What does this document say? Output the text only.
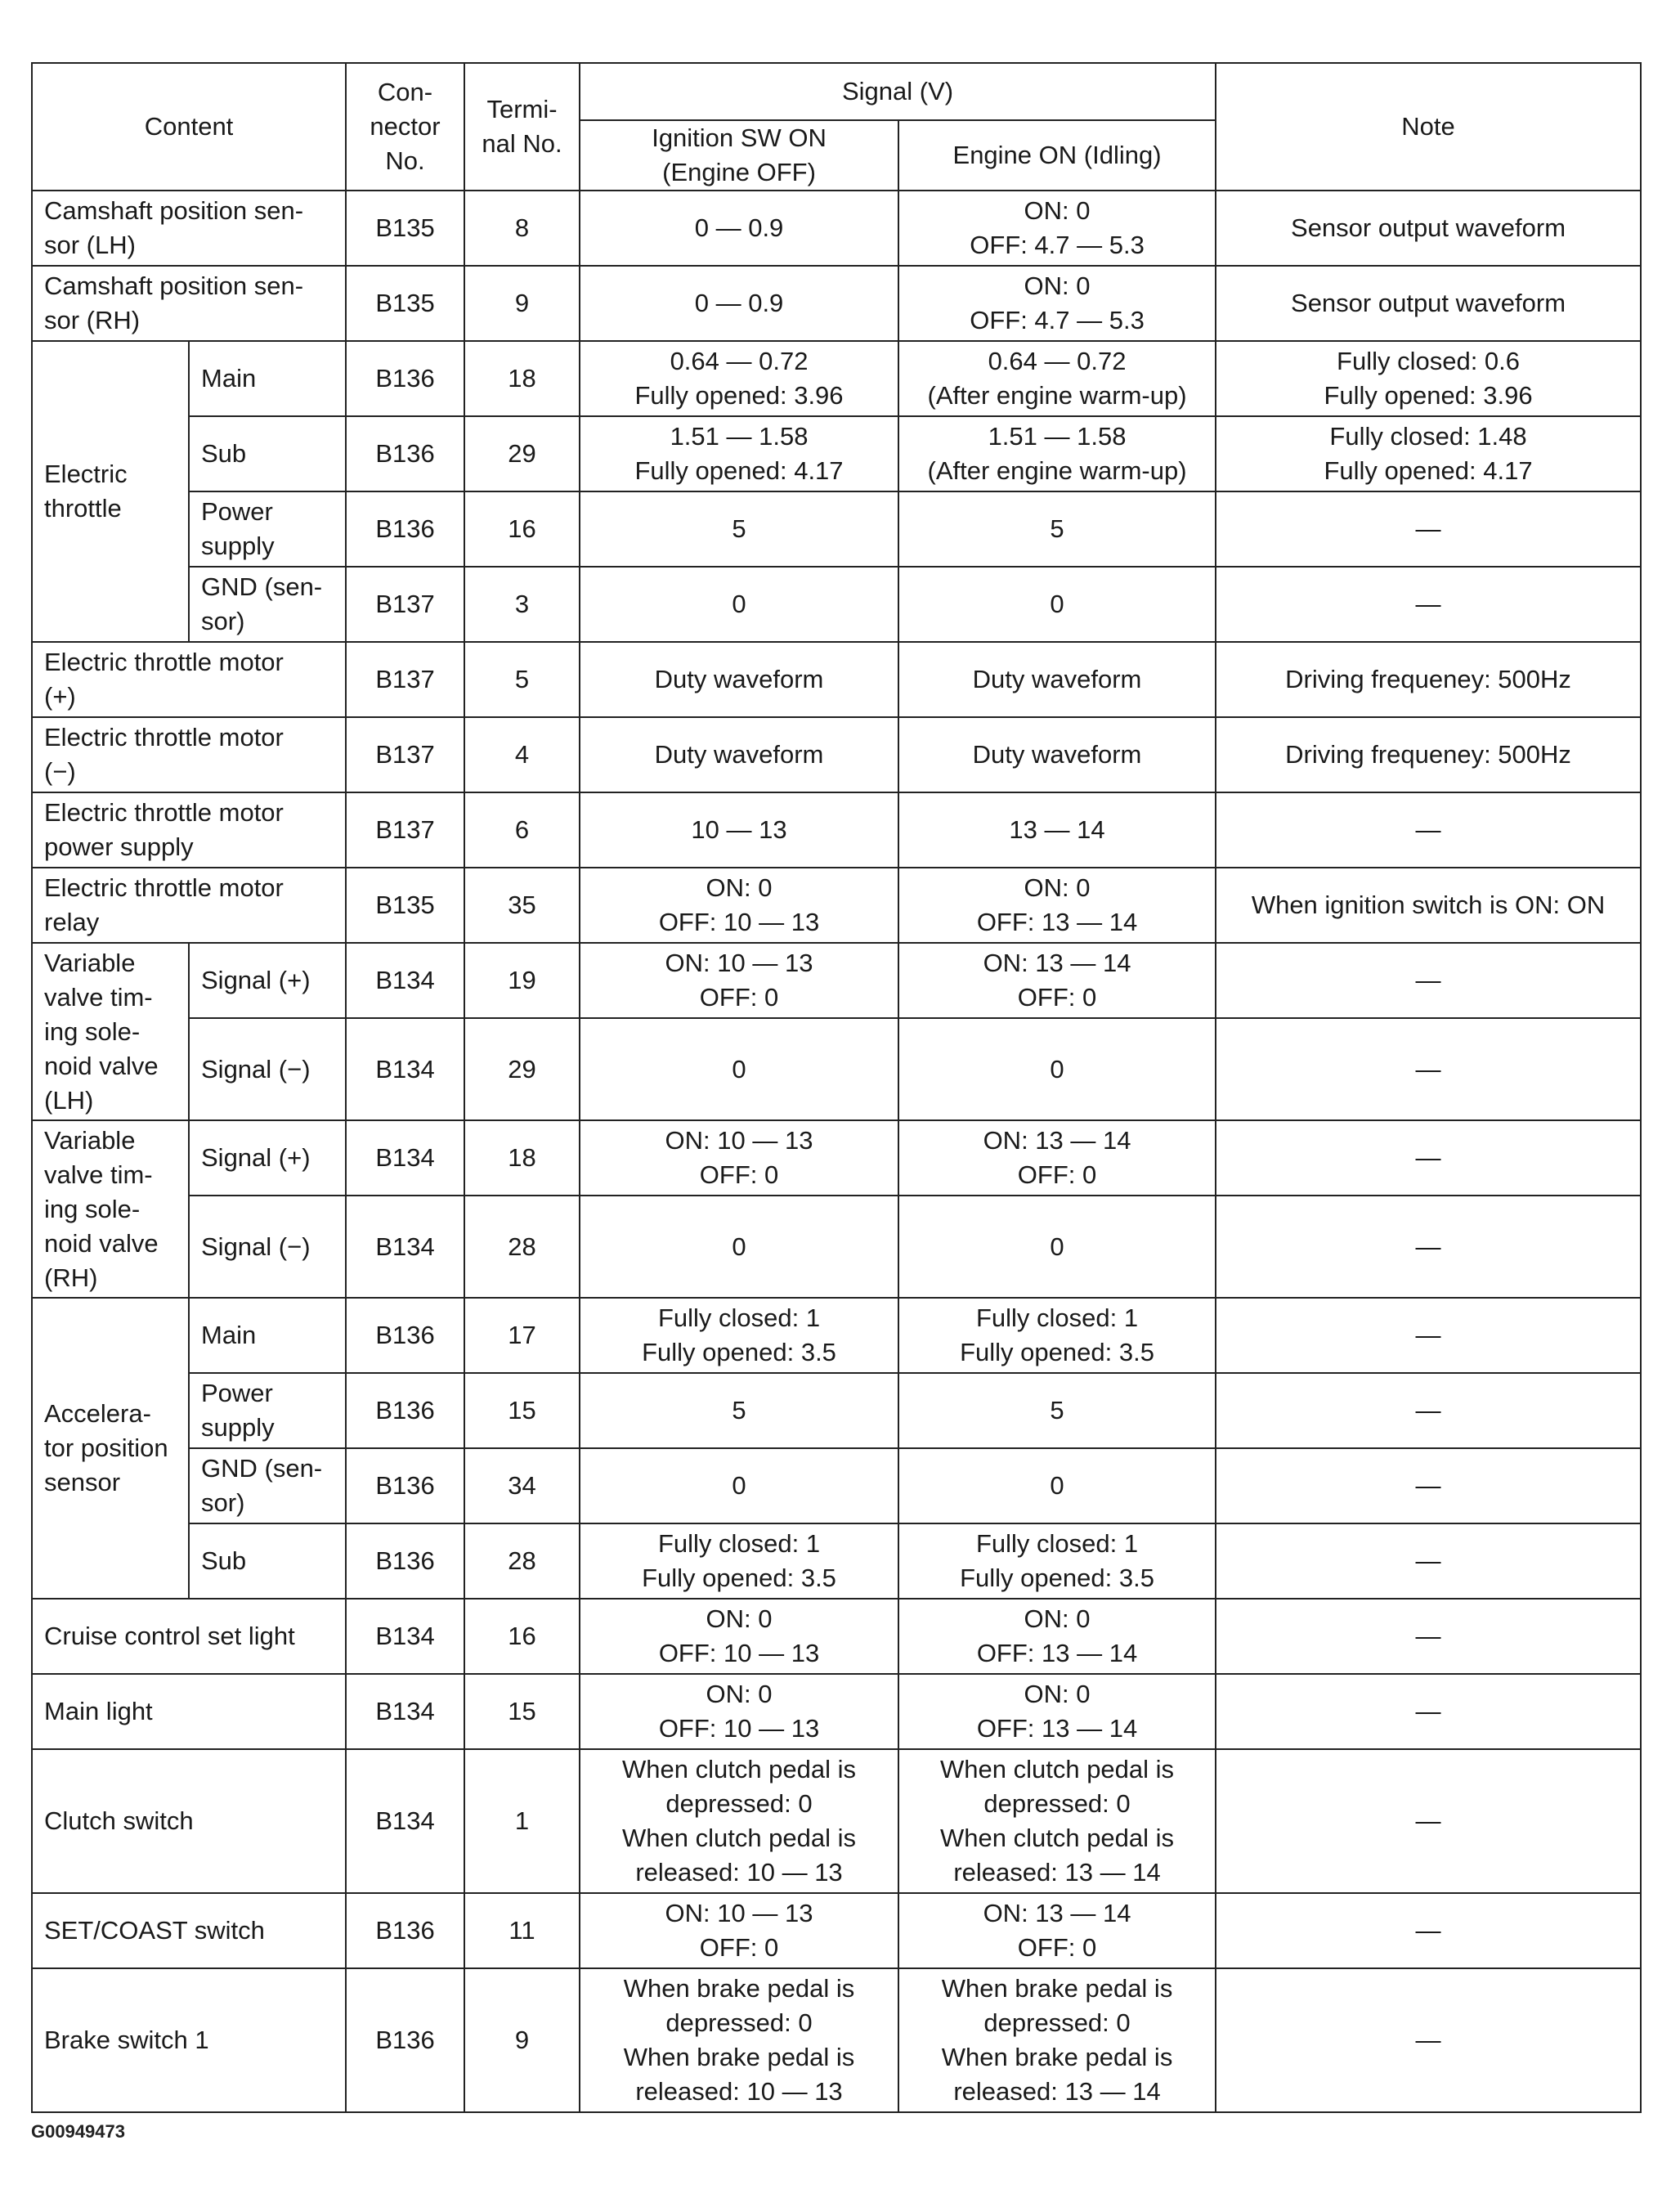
Content		Con-
nector
No.	Termi-
nal No.	Signal (V)		Note
				Ignition SW ON
(Engine OFF)	Engine ON (Idling)	
Camshaft position sen-
sor (LH)		B135	8	0 — 0.9	ON: 0
OFF: 4.7 — 5.3	Sensor output waveform
Camshaft position sen-
sor (RH)		B135	9	0 — 0.9	ON: 0
OFF: 4.7 — 5.3	Sensor output waveform
Electric
throttle	Main	B136	18	0.64 — 0.72
Fully opened: 3.96	0.64 — 0.72
(After engine warm-up)	Fully closed: 0.6
Fully opened: 3.96
	Sub	B136	29	1.51 — 1.58
Fully opened: 4.17	1.51 — 1.58
(After engine warm-up)	Fully closed: 1.48
Fully opened: 4.17
	Power
supply	B136	16	5	5	—
	GND (sen-
sor)	B137	3	0	0	—
Electric throttle motor
(+)		B137	5	Duty waveform	Duty waveform	Driving frequeney: 500Hz
Electric throttle motor
(−)		B137	4	Duty waveform	Duty waveform	Driving frequeney: 500Hz
Electric throttle motor
power supply		B137	6	10 — 13	13 — 14	—
Electric throttle motor
relay		B135	35	ON: 0
OFF: 10 — 13	ON: 0
OFF: 13 — 14	When ignition switch is ON: ON
Variable
valve tim-
ing sole-
noid valve
(LH)	Signal (+)	B134	19	ON: 10 — 13
OFF: 0	ON: 13 — 14
OFF: 0	—
	Signal (−)	B134	29	0	0	—
Variable
valve tim-
ing sole-
noid valve
(RH)	Signal (+)	B134	18	ON: 10 — 13
OFF: 0	ON: 13 — 14
OFF: 0	—
	Signal (−)	B134	28	0	0	—
Accelera-
tor position
sensor	Main	B136	17	Fully closed: 1
Fully opened: 3.5	Fully closed: 1
Fully opened: 3.5	—
	Power
supply	B136	15	5	5	—
	GND (sen-
sor)	B136	34	0	0	—
	Sub	B136	28	Fully closed: 1
Fully opened: 3.5	Fully closed: 1
Fully opened: 3.5	—
Cruise control set light		B134	16	ON: 0
OFF: 10 — 13	ON: 0
OFF: 13 — 14	—
Main light		B134	15	ON: 0
OFF: 10 — 13	ON: 0
OFF: 13 — 14	—
Clutch switch		B134	1	When clutch pedal is
depressed: 0
When clutch pedal is
released: 10 — 13	When clutch pedal is
depressed: 0
When clutch pedal is
released: 13 — 14	—
SET/COAST switch		B136	11	ON: 10 — 13
OFF: 0	ON: 13 — 14
OFF: 0	—
Brake switch 1		B136	9	When brake pedal is
depressed: 0
When brake pedal is
released: 10 — 13	When brake pedal is
depressed: 0
When brake pedal is
released: 13 — 14	—
G00949473
